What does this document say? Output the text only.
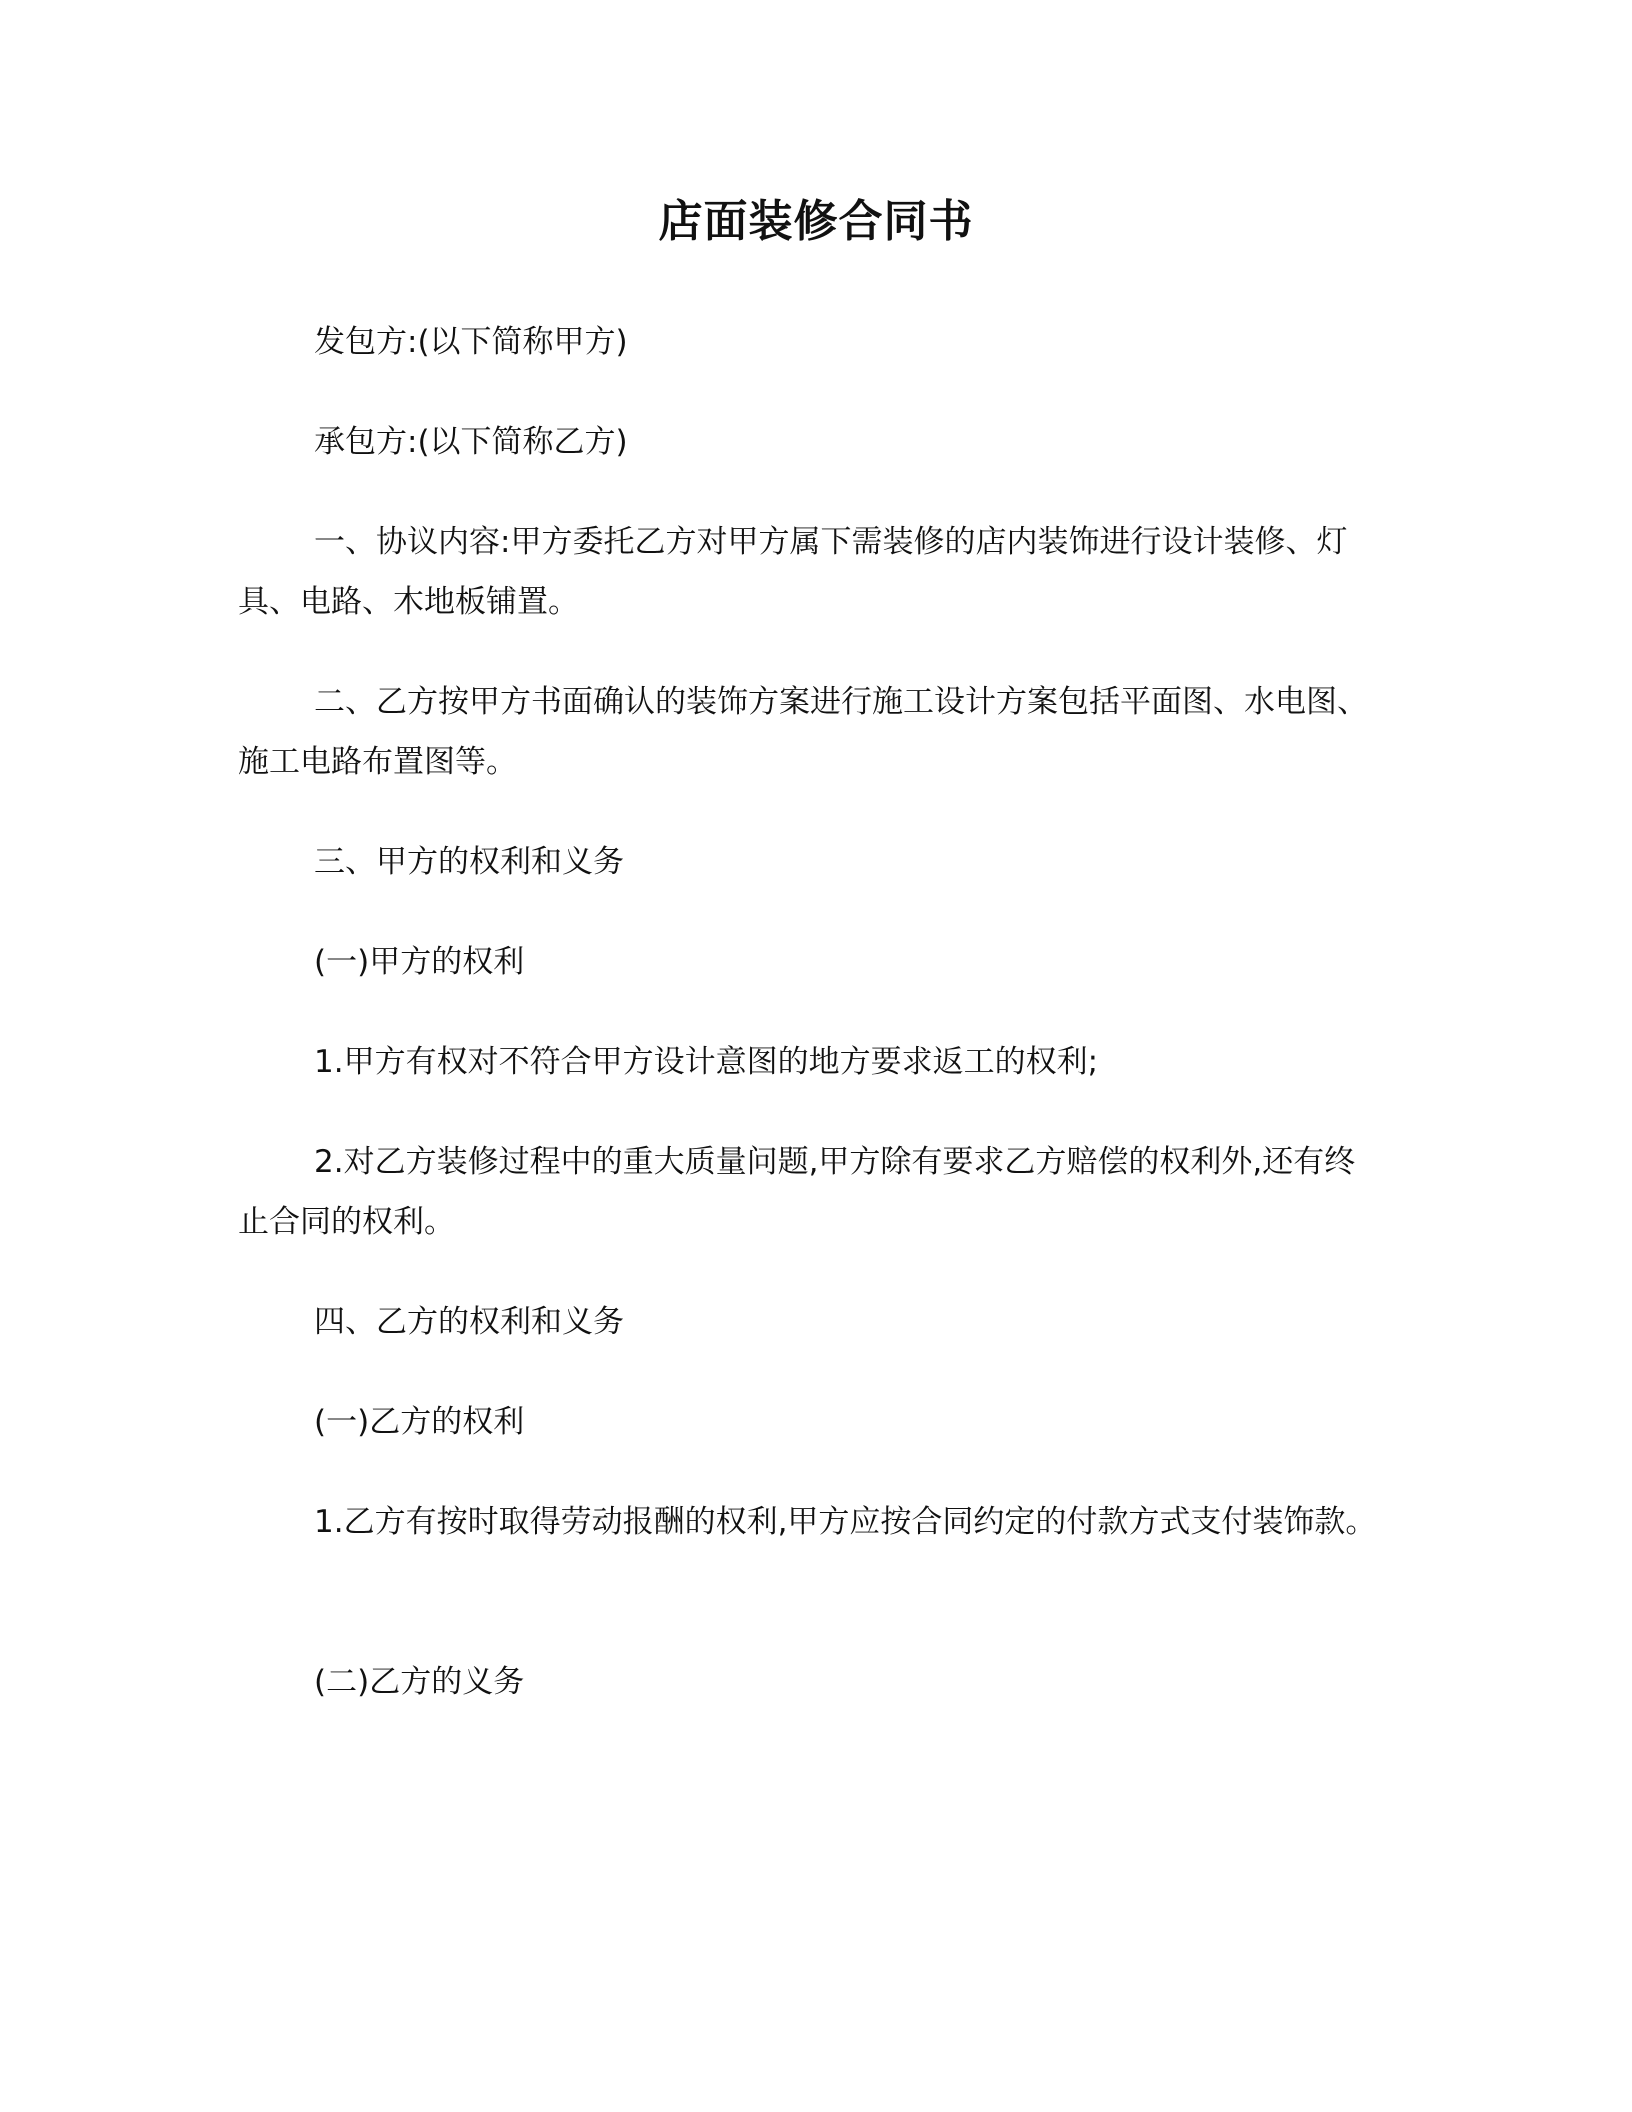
店面装修合同书

发包方:(以下简称甲方)

承包方:(以下简称乙方)

一、协议内容:甲方委托乙方对甲方属下需装修的店内装饰进行设计装修、灯具、电路、木地板铺置。

二、乙方按甲方书面确认的装饰方案进行施工设计方案包括平面图、水电图、施工电路布置图等。

三、甲方的权利和义务

(一)甲方的权利

1.甲方有权对不符合甲方设计意图的地方要求返工的权利;

2.对乙方装修过程中的重大质量问题,甲方除有要求乙方赔偿的权利外,还有终止合同的权利。

四、乙方的权利和义务

(一)乙方的权利

1.乙方有按时取得劳动报酬的权利,甲方应按合同约定的付款方式支付装饰款。

(二)乙方的义务
